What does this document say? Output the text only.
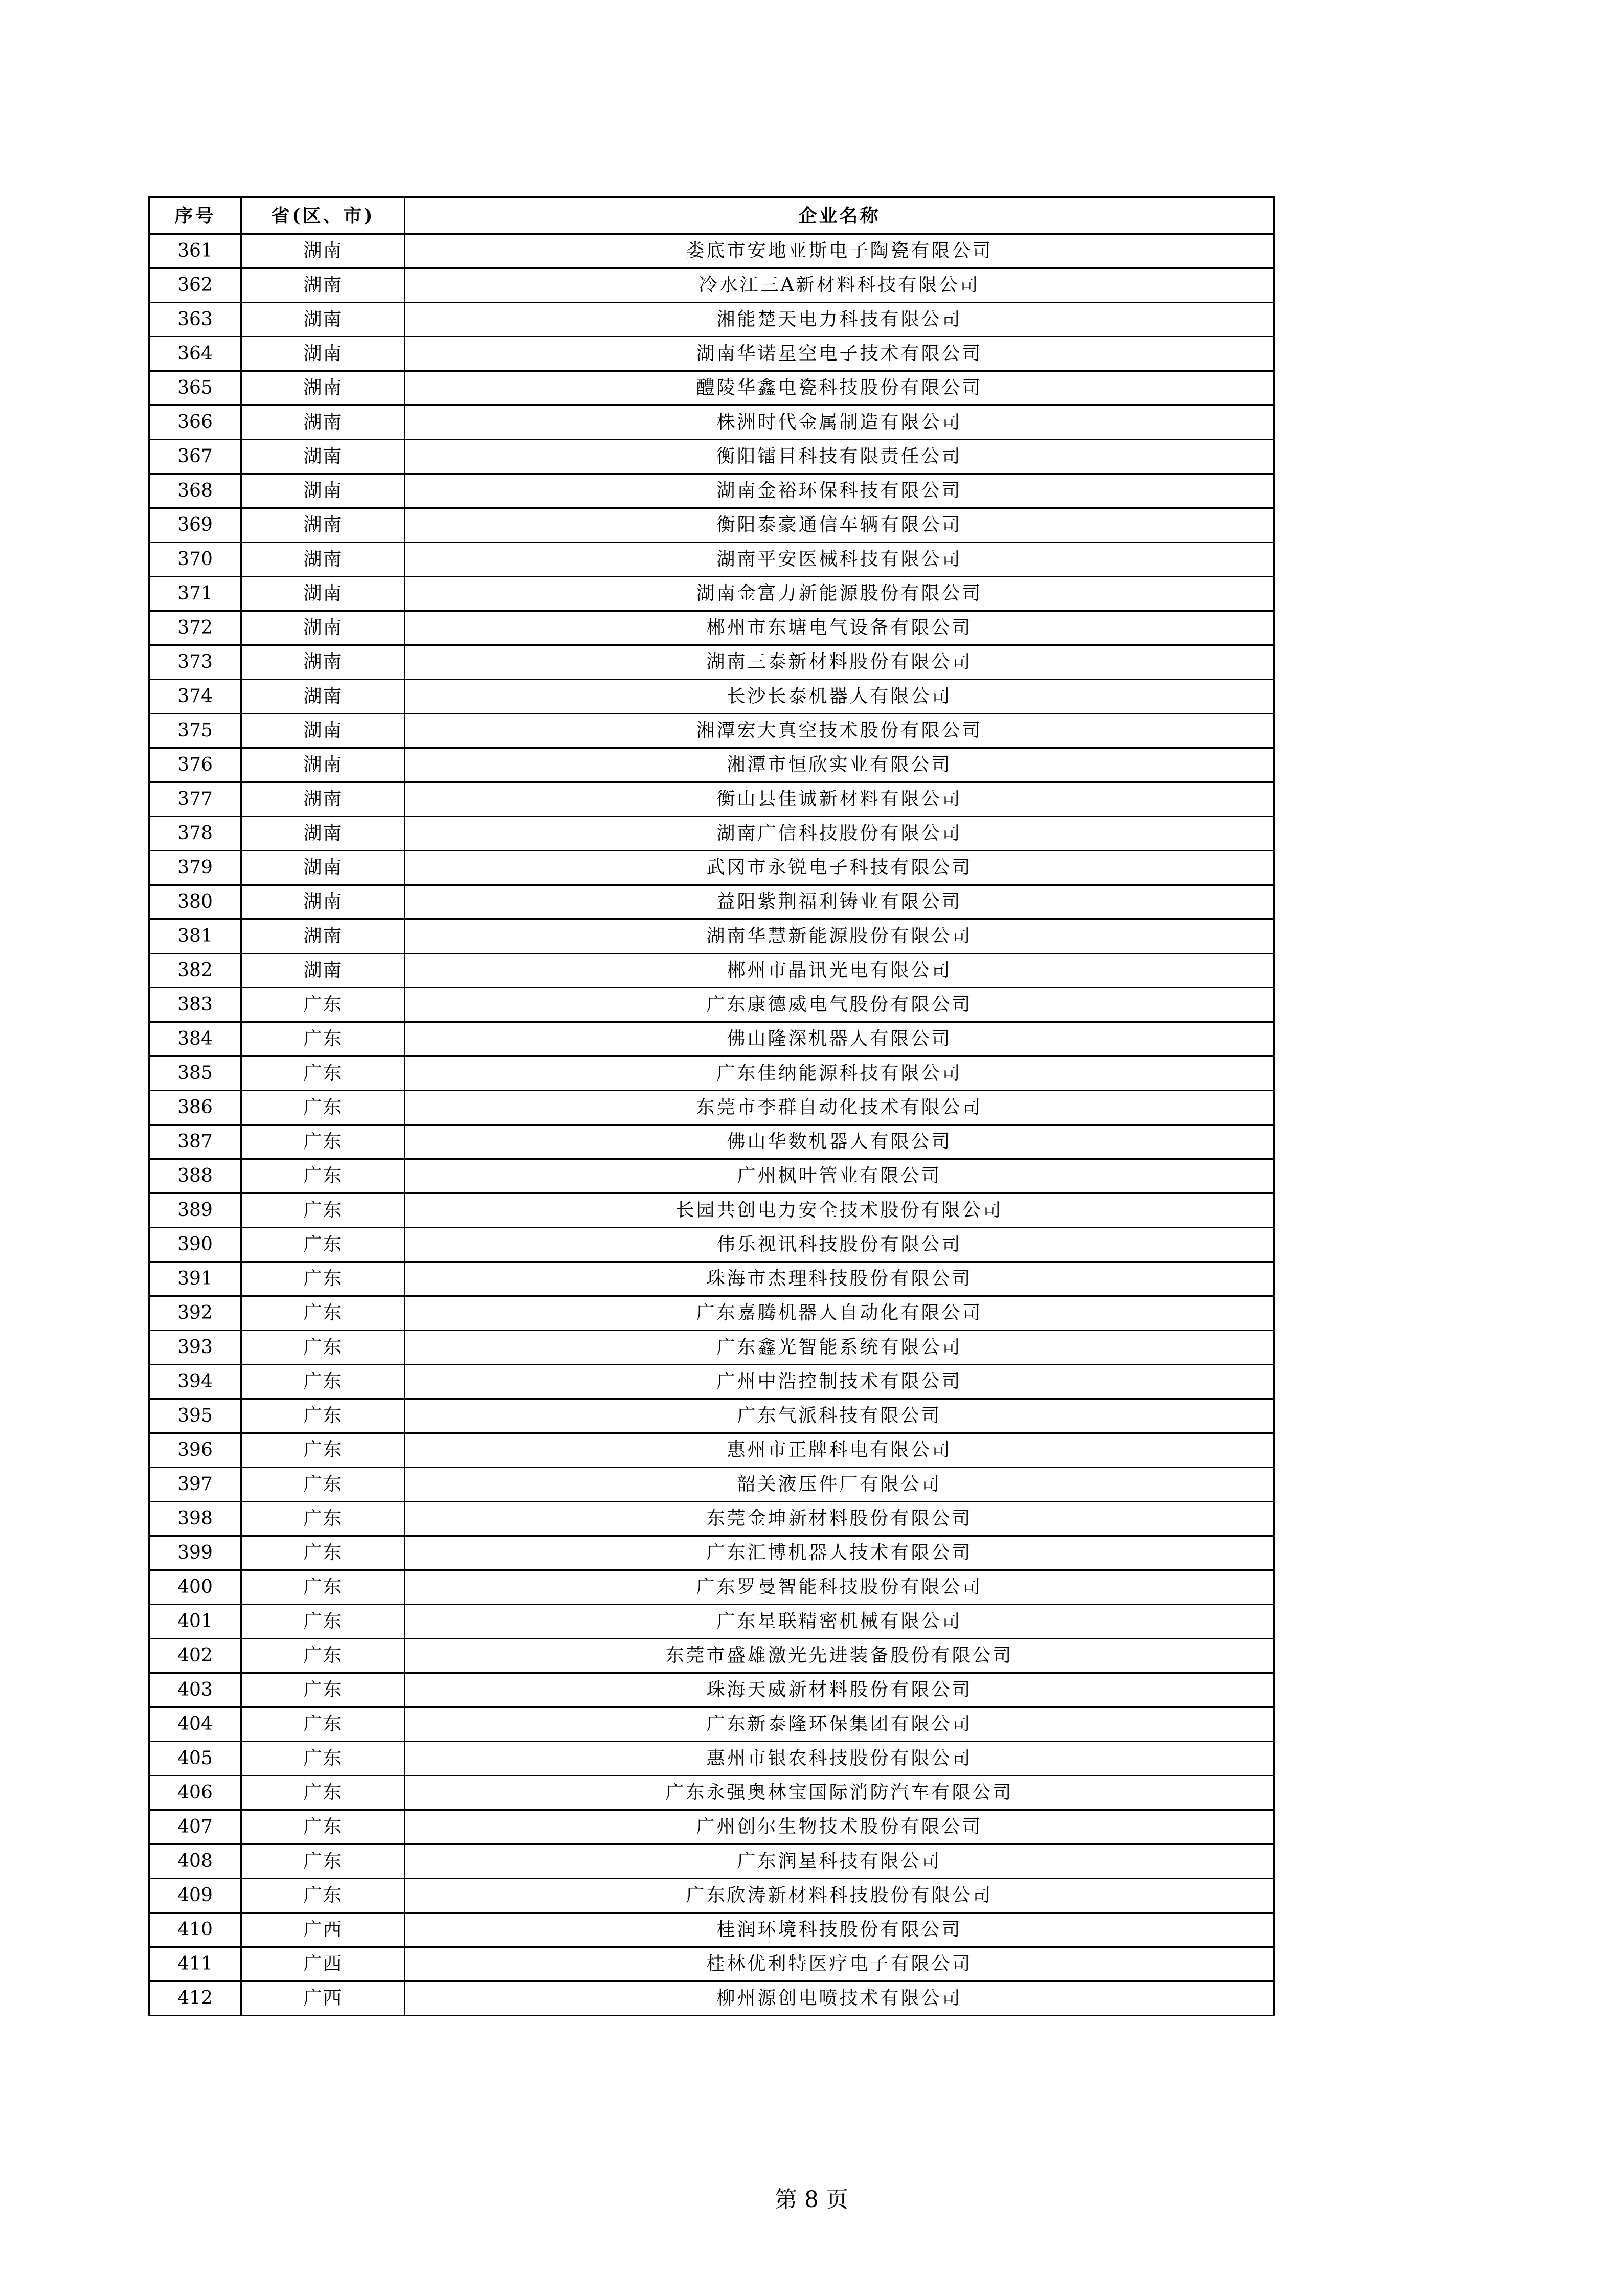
序号	省(区、市)	企业名称
361	湖南	娄底市安地亚斯电子陶瓷有限公司
362	湖南	冷水江三A新材料科技有限公司
363	湖南	湘能楚天电力科技有限公司
364	湖南	湖南华诺星空电子技术有限公司
365	湖南	醴陵华鑫电瓷科技股份有限公司
366	湖南	株洲时代金属制造有限公司
367	湖南	衡阳镭目科技有限责任公司
368	湖南	湖南金裕环保科技有限公司
369	湖南	衡阳泰豪通信车辆有限公司
370	湖南	湖南平安医械科技有限公司
371	湖南	湖南金富力新能源股份有限公司
372	湖南	郴州市东塘电气设备有限公司
373	湖南	湖南三泰新材料股份有限公司
374	湖南	长沙长泰机器人有限公司
375	湖南	湘潭宏大真空技术股份有限公司
376	湖南	湘潭市恒欣实业有限公司
377	湖南	衡山县佳诚新材料有限公司
378	湖南	湖南广信科技股份有限公司
379	湖南	武冈市永锐电子科技有限公司
380	湖南	益阳紫荆福利铸业有限公司
381	湖南	湖南华慧新能源股份有限公司
382	湖南	郴州市晶讯光电有限公司
383	广东	广东康德威电气股份有限公司
384	广东	佛山隆深机器人有限公司
385	广东	广东佳纳能源科技有限公司
386	广东	东莞市李群自动化技术有限公司
387	广东	佛山华数机器人有限公司
388	广东	广州枫叶管业有限公司
389	广东	长园共创电力安全技术股份有限公司
390	广东	伟乐视讯科技股份有限公司
391	广东	珠海市杰理科技股份有限公司
392	广东	广东嘉腾机器人自动化有限公司
393	广东	广东鑫光智能系统有限公司
394	广东	广州中浩控制技术有限公司
395	广东	广东气派科技有限公司
396	广东	惠州市正牌科电有限公司
397	广东	韶关液压件厂有限公司
398	广东	东莞金坤新材料股份有限公司
399	广东	广东汇博机器人技术有限公司
400	广东	广东罗曼智能科技股份有限公司
401	广东	广东星联精密机械有限公司
402	广东	东莞市盛雄激光先进装备股份有限公司
403	广东	珠海天威新材料股份有限公司
404	广东	广东新泰隆环保集团有限公司
405	广东	惠州市银农科技股份有限公司
406	广东	广东永强奥林宝国际消防汽车有限公司
407	广东	广州创尔生物技术股份有限公司
408	广东	广东润星科技有限公司
409	广东	广东欣涛新材料科技股份有限公司
410	广西	桂润环境科技股份有限公司
411	广西	桂林优利特医疗电子有限公司
412	广西	柳州源创电喷技术有限公司
第 8 页
